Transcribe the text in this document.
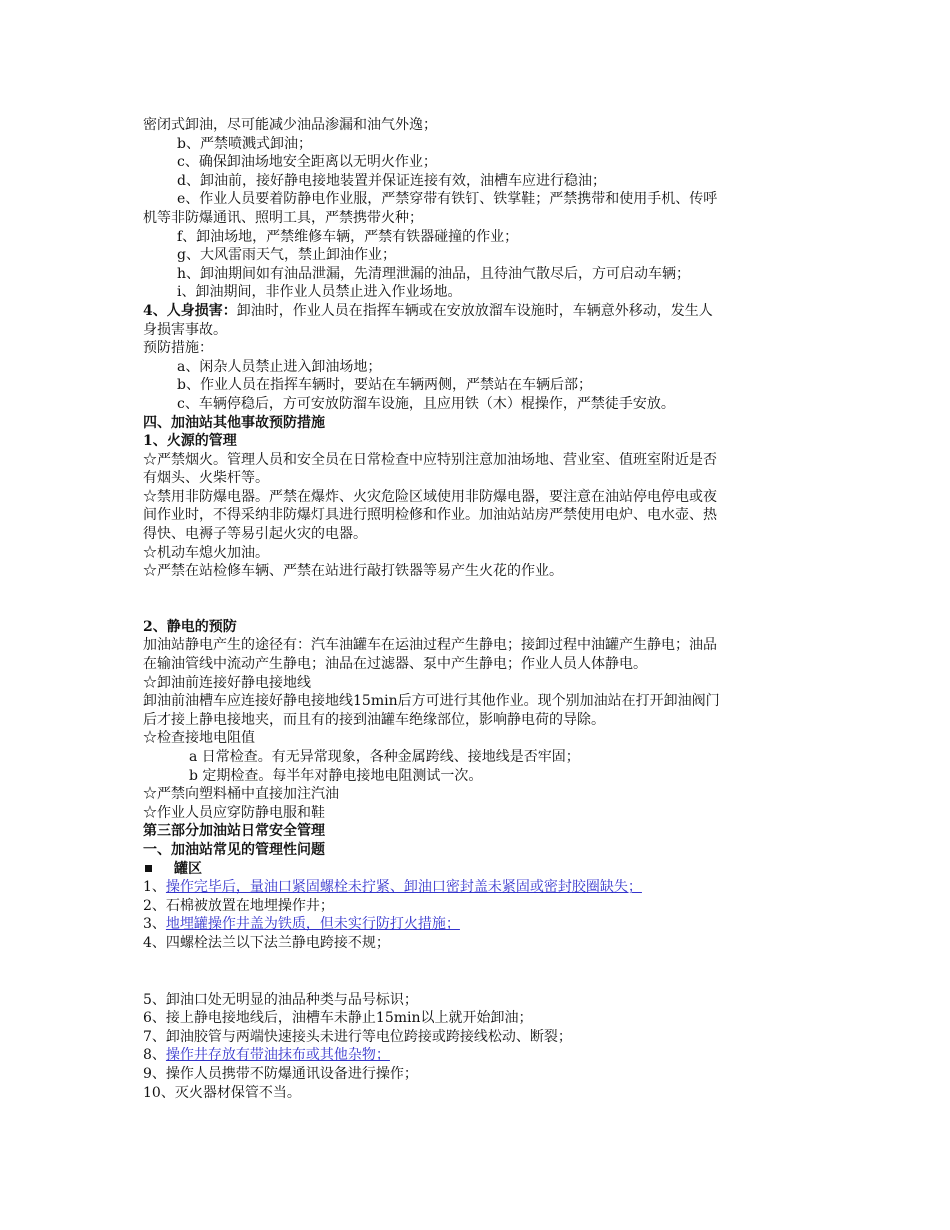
密闭式卸油，尽可能减少油品渗漏和油气外逸；
b、严禁喷溅式卸油；
c、确保卸油场地安全距离以无明火作业；
d、卸油前，接好静电接地装置并保证连接有效，油槽车应进行稳油；
e、作业人员要着防静电作业服，严禁穿带有铁钉、铁掌鞋；严禁携带和使用手机、传呼
机等非防爆通讯、照明工具，严禁携带火种；
f、卸油场地，严禁维修车辆，严禁有铁器碰撞的作业；
g、大风雷雨天气，禁止卸油作业；
h、卸油期间如有油品泄漏，先清理泄漏的油品，且待油气散尽后，方可启动车辆；
i、卸油期间，非作业人员禁止进入作业场地。
4、人身损害：卸油时，作业人员在指挥车辆或在安放放溜车设施时，车辆意外移动，发生人
身损害事故。
预防措施：
a、闲杂人员禁止进入卸油场地；
b、作业人员在指挥车辆时，要站在车辆两侧，严禁站在车辆后部；
c、车辆停稳后，方可安放防溜车设施，且应用铁（木）棍操作，严禁徒手安放。
四、加油站其他事故预防措施
1、火源的管理
☆严禁烟火。管理人员和安全员在日常检查中应特别注意加油场地、营业室、值班室附近是否
有烟头、火柴杆等。
☆禁用非防爆电器。严禁在爆炸、火灾危险区域使用非防爆电器，要注意在油站停电停电或夜
间作业时，不得采纳非防爆灯具进行照明检修和作业。加油站站房严禁使用电炉、电水壶、热
得快、电褥子等易引起火灾的电器。
☆机动车熄火加油。
☆严禁在站检修车辆、严禁在站进行敲打铁器等易产生火花的作业。
2、静电的预防
加油站静电产生的途径有：汽车油罐车在运油过程产生静电；接卸过程中油罐产生静电；油品
在输油管线中流动产生静电；油品在过滤器、泵中产生静电；作业人员人体静电。
☆卸油前连接好静电接地线
卸油前油槽车应连接好静电接地线15min后方可进行其他作业。现个别加油站在打开卸油阀门
后才接上静电接地夹，而且有的接到油罐车绝缘部位，影响静电荷的导除。
☆检查接地电阻值
a 日常检查。有无异常现象，各种金属跨线、接地线是否牢固；
b 定期检查。每半年对静电接地电阻测试一次。
☆严禁向塑料桶中直接加注汽油
☆作业人员应穿防静电服和鞋
第三部分加油站日常安全管理
一、加油站常见的管理性问题
罐区
1、操作完毕后，量油口紧固螺栓未拧紧、卸油口密封盖未紧固或密封胶圈缺失；
2、石棉被放置在地埋操作井；
3、地埋罐操作井盖为铁质，但未实行防打火措施；
4、四螺栓法兰以下法兰静电跨接不规；
5、卸油口处无明显的油品种类与品号标识；
6、接上静电接地线后，油槽车未静止15min以上就开始卸油；
7、卸油胶管与两端快速接头未进行等电位跨接或跨接线松动、断裂；
8、操作井存放有带油抹布或其他杂物；
9、操作人员携带不防爆通讯设备进行操作；
10、灭火器材保管不当。
